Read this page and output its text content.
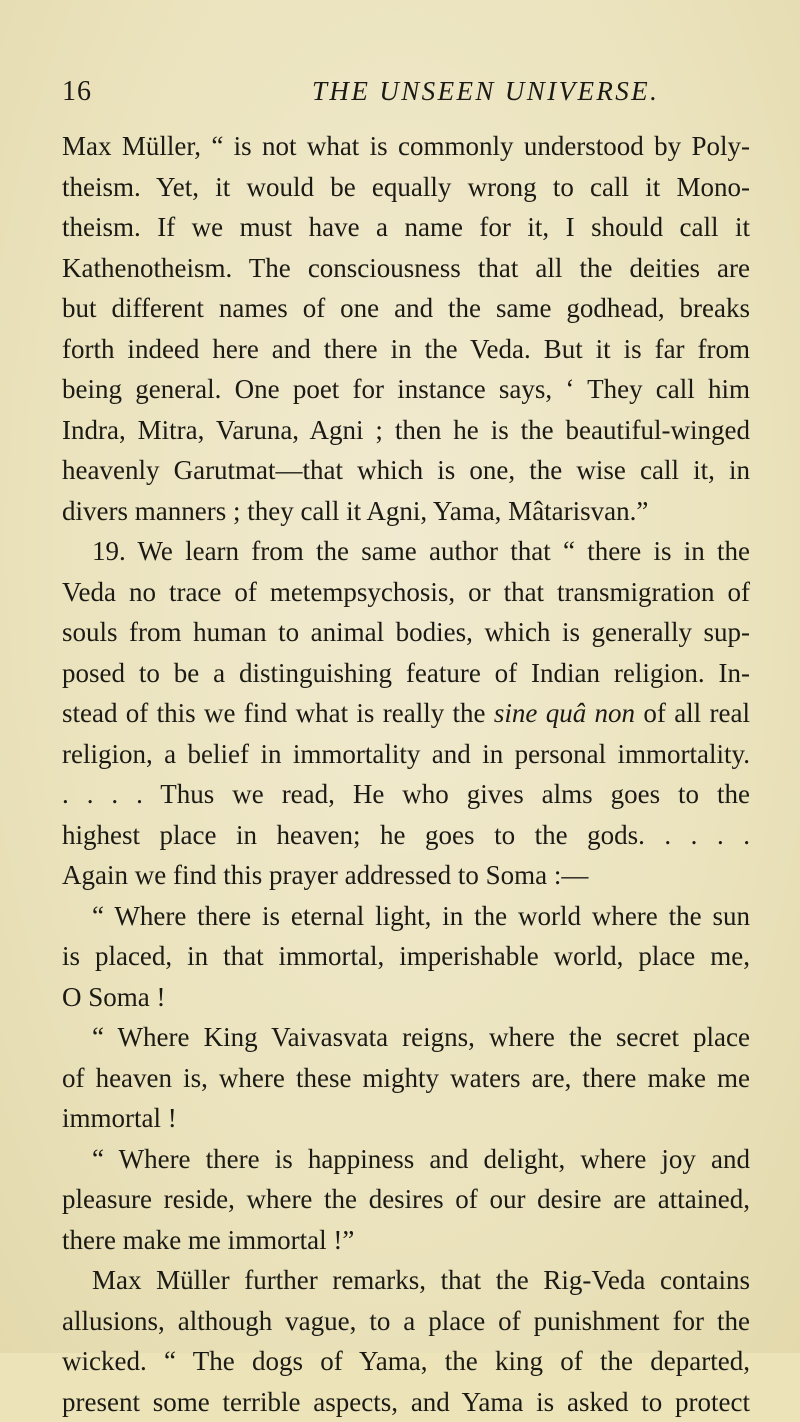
16	THE UNSEEN UNIVERSE.
Max Müller, “ is not what is commonly understood by Poly-
theism. Yet, it would be equally wrong to call it Mono-
theism. If we must have a name for it, I should call it
Kathenotheism. The consciousness that all the deities are
but different names of one and the same godhead, breaks
forth indeed here and there in the Veda. But it is far from
being general. One poet for instance says, ‘ They call him
Indra, Mitra, Varuna, Agni ; then he is the beautiful-winged
heavenly Garutmat—that which is one, the wise call it, in
divers manners ; they call it Agni, Yama, Mâtarisvan.”
19. We learn from the same author that “ there is in the
Veda no trace of metempsychosis, or that transmigration of
souls from human to animal bodies, which is generally sup-
posed to be a distinguishing feature of Indian religion. In-
stead of this we find what is really the sine quâ non of all real
religion, a belief in immortality and in personal immortality.
. . . . Thus we read, He who gives alms goes to the
highest place in heaven; he goes to the gods. . . . .
Again we find this prayer addressed to Soma :—
“ Where there is eternal light, in the world where the sun
is placed, in that immortal, imperishable world, place me,
O Soma !
“ Where King Vaivasvata reigns, where the secret place
of heaven is, where these mighty waters are, there make me
immortal !
“ Where there is happiness and delight, where joy and
pleasure reside, where the desires of our desire are attained,
there make me immortal !”
Max Müller further remarks, that the Rig-Veda contains
allusions, although vague, to a place of punishment for the
wicked. “ The dogs of Yama, the king of the departed,
present some terrible aspects, and Yama is asked to protect
